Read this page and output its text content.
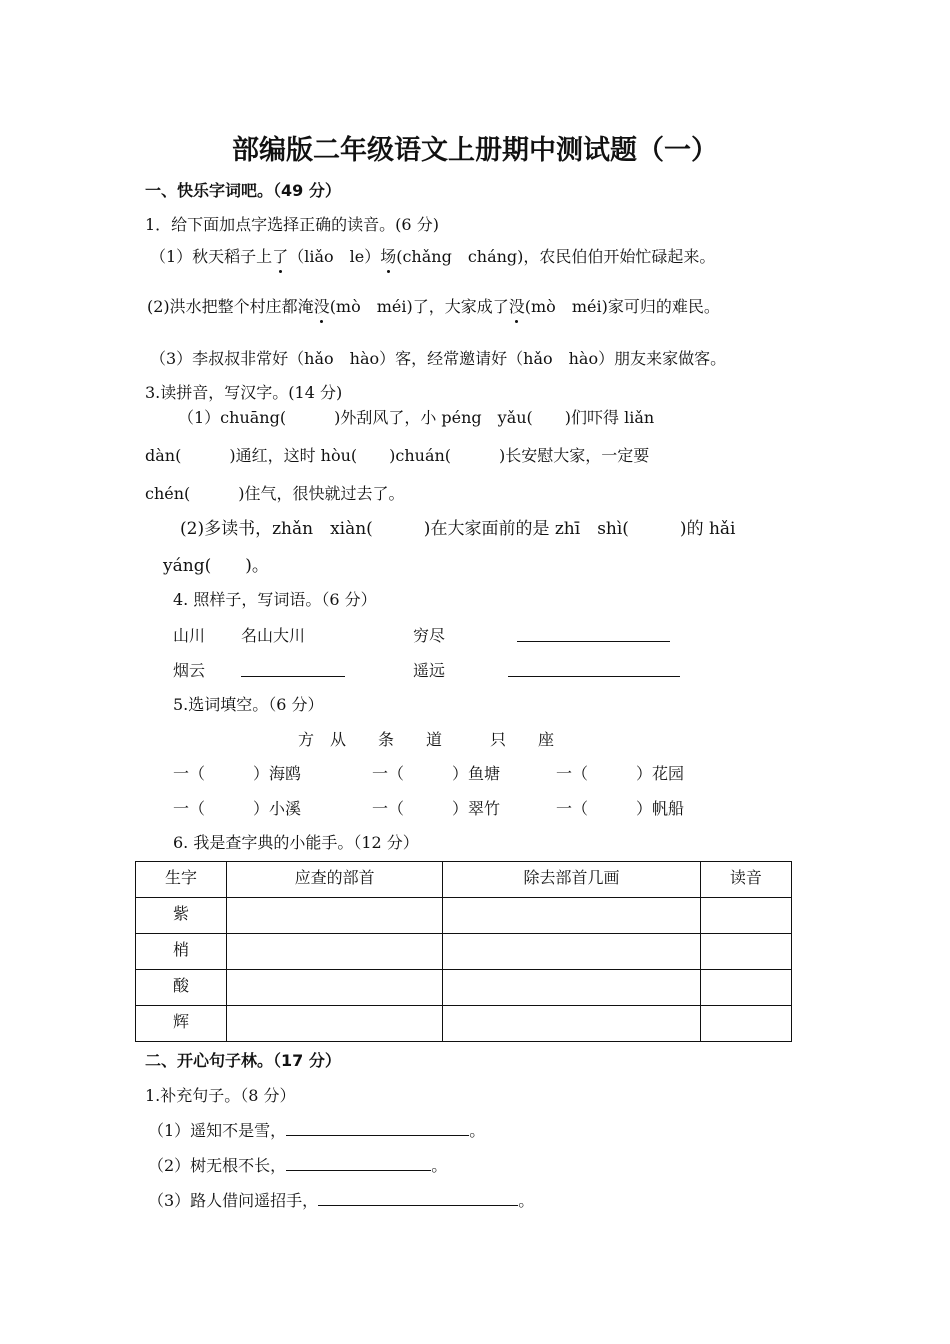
部编版二年级语文上册期中测试题（一）
一、快乐字词吧。（49 分）
1．给下面加点字选择正确的读音。(6 分)
（1）秋天稻子上了（liǎo　le）场(chǎng　cháng)，农民伯伯开始忙碌起来。
(2)洪水把整个村庄都淹没(mò　méi)了，大家成了没(mò　méi)家可归的难民。
（3）李叔叔非常好（hǎo　hào）客，经常邀请好（hǎo　hào）朋友来家做客。
3.读拼音，写汉字。(14 分)
（1）chuāng(　　　)外刮风了，小 péng　yǎu(　　)们吓得 liǎn
dàn(　　　)通红，这时 hòu(　　)chuán(　　　)长安慰大家，一定要
chén(　　　)住气，很快就过去了。
(2)多读书，zhǎn　xiàn(　　　)在大家面前的是 zhī　shì(　　　)的 hǎi
yáng(　　)。
4. 照样子，写词语。（6 分）
山川 名山大川	穷尽
烟云	遥远
5.选词填空。（6 分）
方　从　　条　　道　　　只　　座
一（　　　）海鸥	一（　　　）鱼塘	一（　　　）花园
一（　　　）小溪	一（　　　）翠竹	一（　　　）帆船
6. 我是查字典的小能手。（12 分）
生字	应查的部首	除去部首几画	读音
紫			
梢			
酸			
辉			
二、开心句子林。（17 分）
1.补充句子。（8 分）
（1）遥知不是雪，	。
（2）树无根不长，	。
（3）路人借问遥招手，	。
